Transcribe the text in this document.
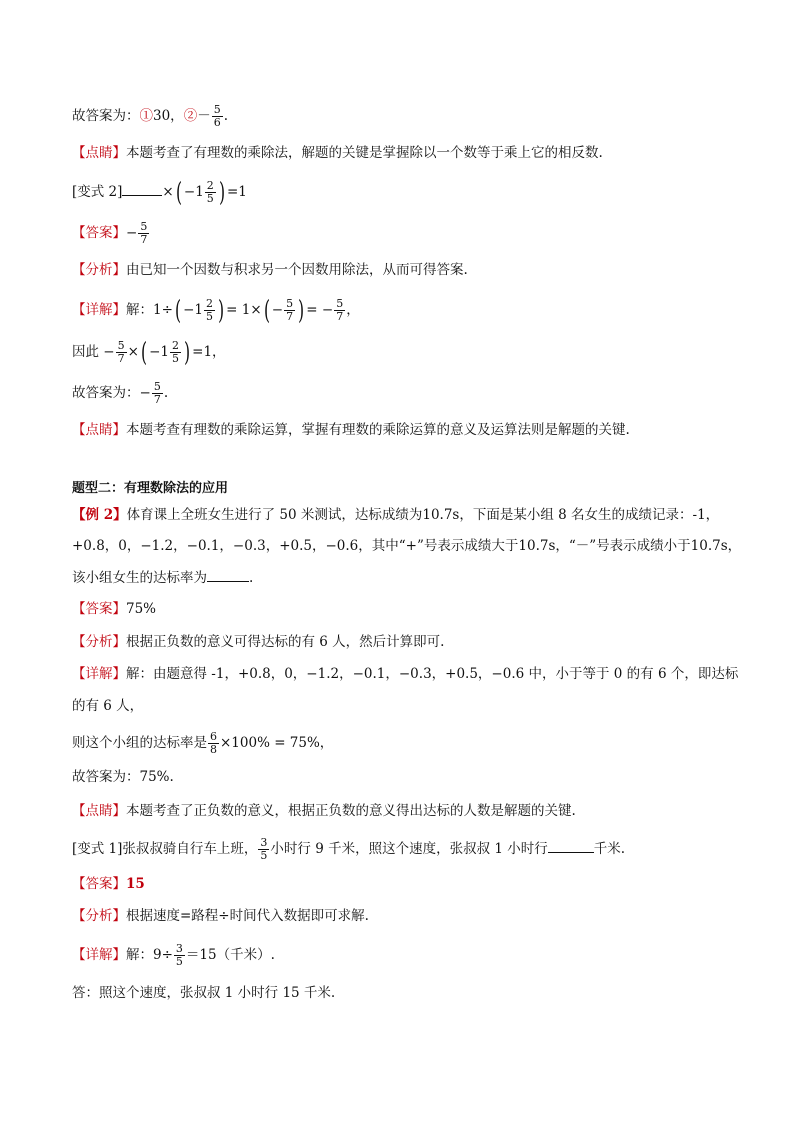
故答案为：①30，②－ $\frac{5}{6}$ .
【点睛】本题考查了有理数的乘除法，解题的关键是掌握除以一个数等于乘上它的相反数.
[变式 2]	×( $-1 \frac{2}{5}$ ) =1
【答案】− $\frac{5}{7}$
【分析】由已知一个因数与积求另一个因数用除法，从而可得答案.
【详解】解：$1\div( -1 \frac{2}{5}$ ) = $1\times( - \frac{5}{7}$ ) = − $\frac{5}{7}$ ，
因此 − $\frac{5}{7}$ ×( $-1 \frac{2}{5}$ ) =1，
故答案为：− $\frac{5}{7}$ .
【点睛】本题考查有理数的乘除运算，掌握有理数的乘除运算的意义及运算法则是解题的关键.
题型二：有理数除法的应用
【例 2】体育课上全班女生进行了 50 米测试，达标成绩为10.7s，下面是某小组 8 名女生的成绩记录：-1，
+0.8，0，−1.2，−0.1，−0.3，+0.5，−0.6，其中“+”号表示成绩大于10.7s，“－”号表示成绩小于10.7s，
该小组女生的达标率为	.
【答案】75%
【分析】根据正负数的意义可得达标的有 6 人，然后计算即可.
【详解】解：由题意得 -1，+0.8，0，−1.2，−0.1，−0.3，+0.5，−0.6 中，小于等于 0 的有 6 个，即达标
的有 6 人，
则这个小组的达标率是 $\frac{6}{8} \times 100\% = 75\%$，
故答案为：75%.
【点睛】本题考查了正负数的意义，根据正负数的意义得出达标的人数是解题的关键.
[变式 1]张叔叔骑自行车上班， $\frac{3}{5}$ 小时行 9 千米，照这个速度，张叔叔 1 小时行	千米.
【答案】15
【分析】根据速度=路程÷时间代入数据即可求解.
【详解】解：$9\div \frac{3}{5} =15$（千米）.
答：照这个速度，张叔叔 1 小时行 15 千米.
